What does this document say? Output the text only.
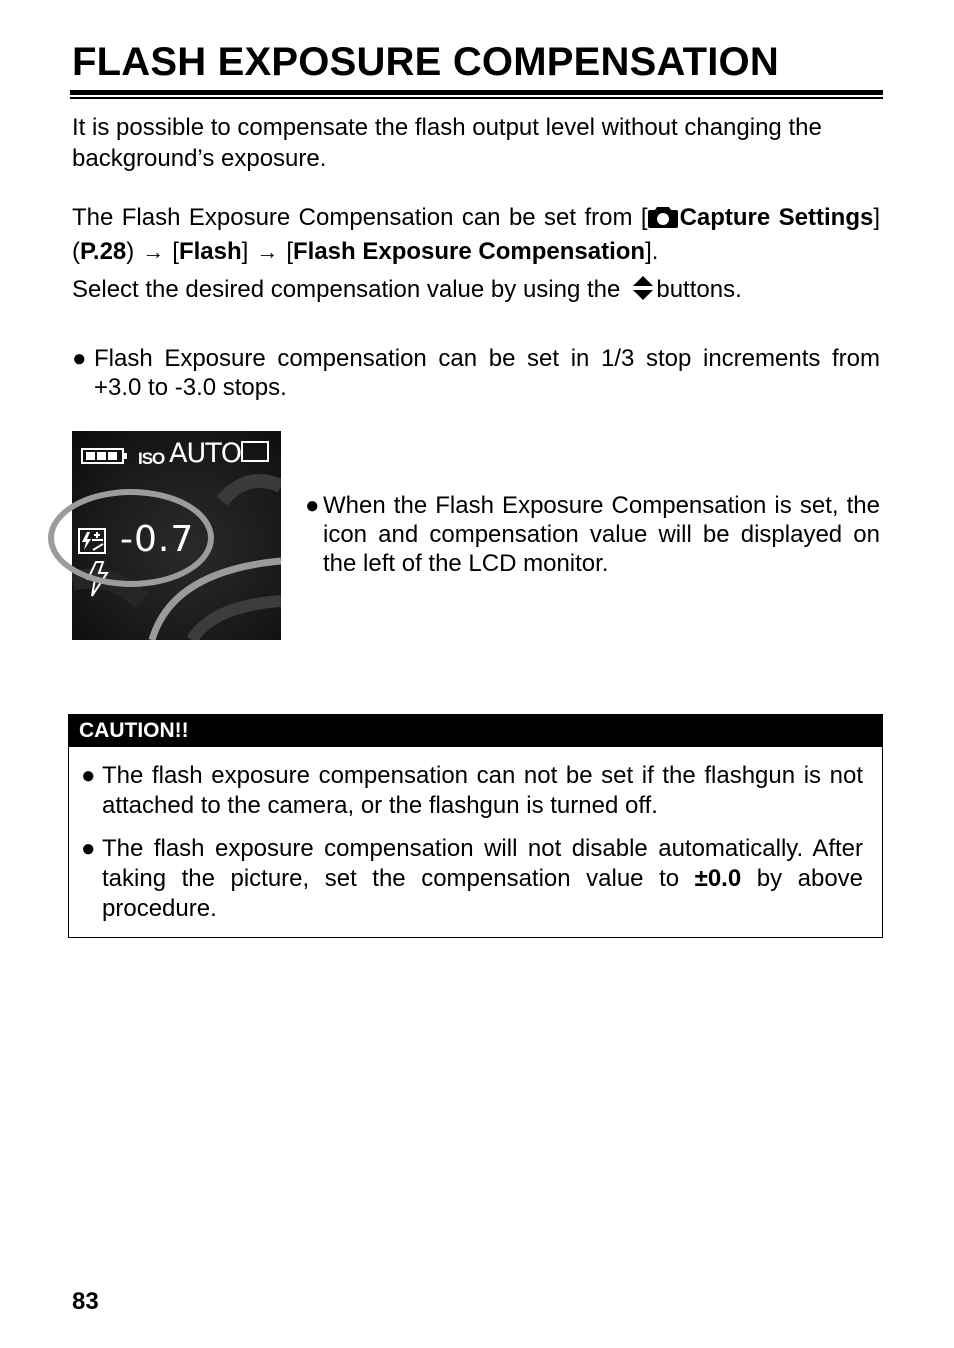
FLASH EXPOSURE COMPENSATION

It is possible to compensate the flash output level without changing the background’s exposure.

The Flash Exposure Compensation can be set from [ Capture Settings] (P.28) → [Flash] → [Flash Exposure Compensation].

Select the desired compensation value by using the buttons.

● Flash Exposure compensation can be set in 1/3 stop increments from +3.0 to -3.0 stops.
ISO AUTO
-0.7
● When the Flash Exposure Compensation is set, the icon and compensation value will be displayed on the left of the LCD monitor.
CAUTION!!
● The flash exposure compensation can not be set if the flashgun is not attached to the camera, or the flashgun is turned off.
● The flash exposure compensation will not disable automatically. After taking the picture, set the compensation value to ±0.0 by above procedure.
83
